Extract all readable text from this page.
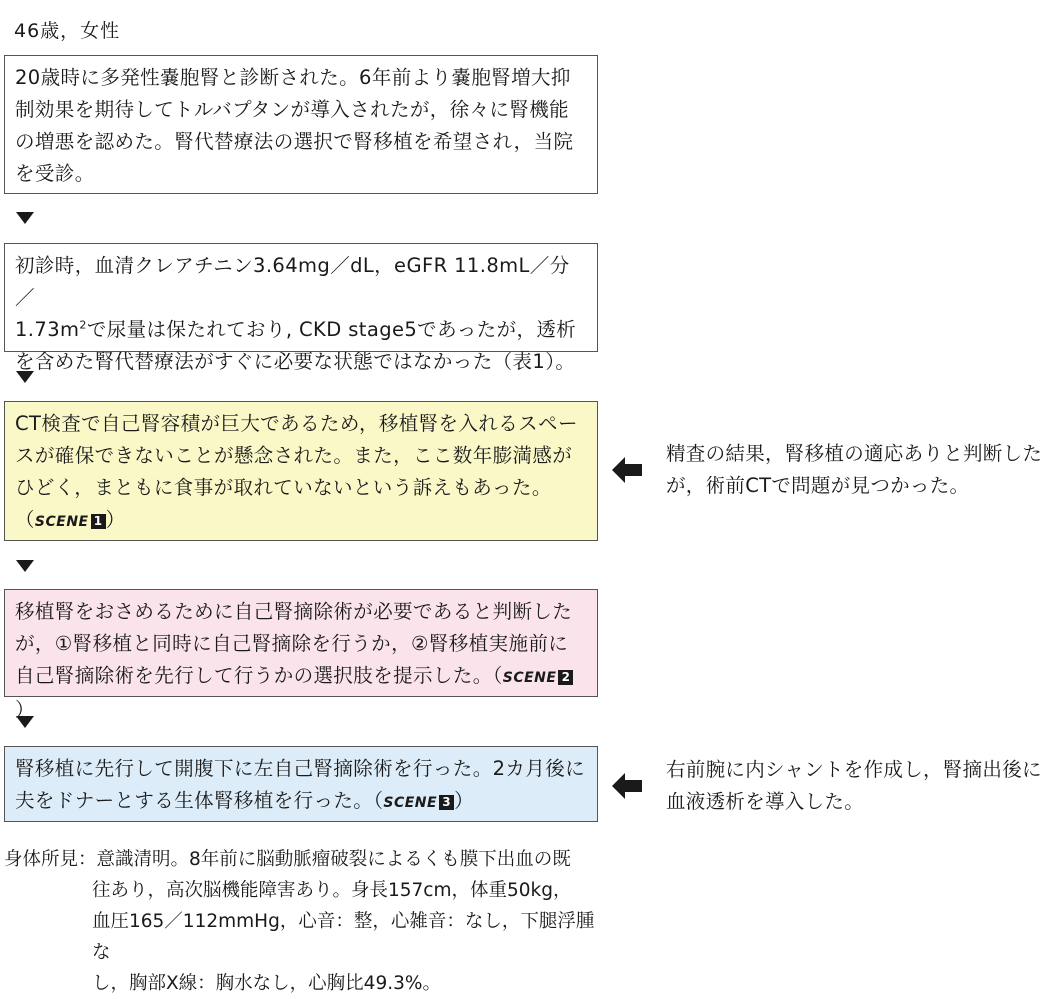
46歳，女性

20歳時に多発性嚢胞腎と診断された。6年前より嚢胞腎増大抑制効果を期待してトルバプタンが導入されたが，徐々に腎機能の増悪を認めた。腎代替療法の選択で腎移植を希望され，当院を受診。

初診時，血清クレアチニン3.64mg／dL，eGFR 11.8mL／分／

$1.73m^2$で尿量は保たれており, CKD stage5であったが，透析

を含めた腎代替療法がすぐに必要な状態ではなかった（表1）。

CT検査で自己腎容積が巨大であるため，移植腎を入れるスペースが確保できないことが懸念された。また，ここ数年膨満感がひどく，まともに食事が取れていないという訴えもあった。

（SCENE 1 ）

精査の結果，腎移植の適応ありと判断したが，術前CTで問題が見つかった。

移植腎をおさめるために自己腎摘除術が必要であると判断したが，①腎移植と同時に自己腎摘除を行うか，②腎移植実施前に自己腎摘除術を先行して行うかの選択肢を提示した。（SCENE 2）

腎移植に先行して開腹下に左自己腎摘除術を行った。2カ月後に夫をドナーとする生体腎移植を行った。（SCENE 3 ）

右前腕に内シャントを作成し，腎摘出後に血液透析を導入した。
身体所見： 意識清明。8年前に脳動脈瘤破裂によるくも膜下出血の既
往あり，高次脳機能障害あり。身長157cm，体重50kg，
血圧165／112mmHg，心音：整，心雑音：なし，下腿浮腫な
し，胸部X線：胸水なし，心胸比49.3%。
